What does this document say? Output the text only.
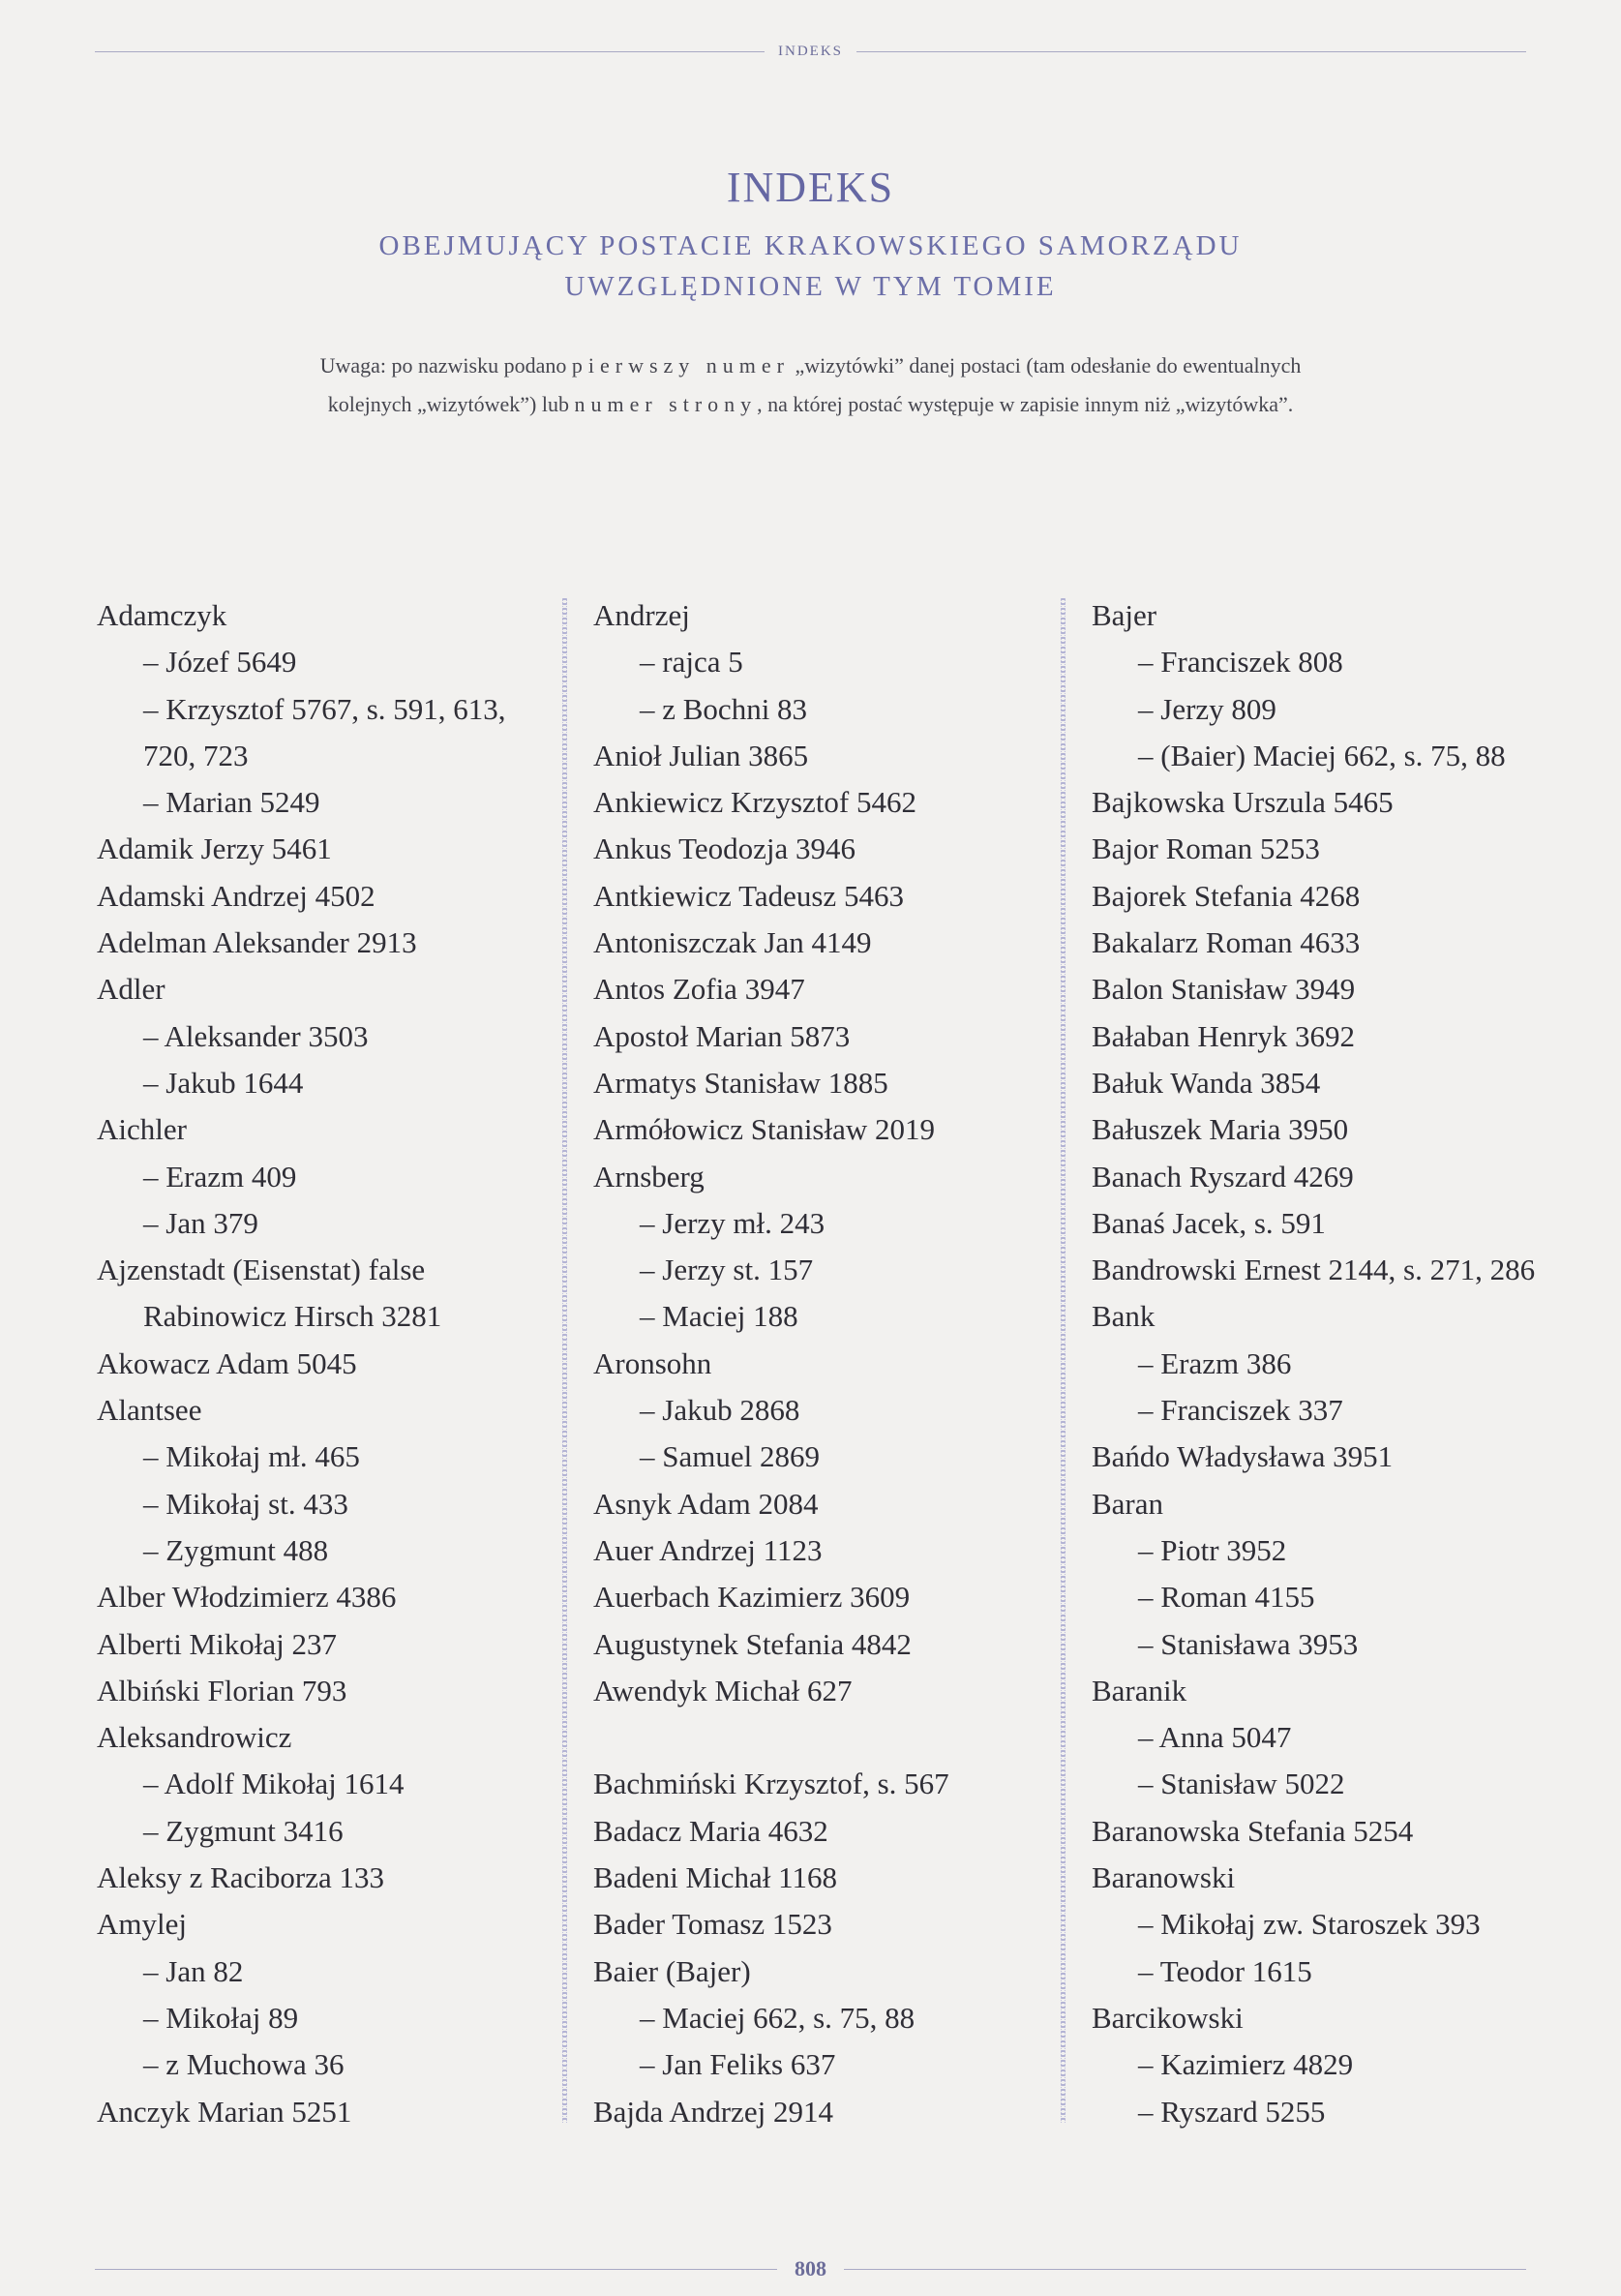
INDEKS
INDEKS
OBEJMUJĄCY POSTACIE KRAKOWSKIEGO SAMORZĄDU
UWZGLĘDNIONE W TYM TOMIE
Uwaga: po nazwisku podano pierwszy numer „wizytówki” danej postaci (tam odesłanie do ewentualnych
kolejnych „wizytówek”) lub numer strony, na której postać występuje w zapisie innym niż „wizytówka”.
Adamczyk
– Józef 5649
– Krzysztof 5767, s. 591, 613,
720, 723
– Marian 5249
Adamik Jerzy 5461
Adamski Andrzej 4502
Adelman Aleksander 2913
Adler
– Aleksander 3503
– Jakub 1644
Aichler
– Erazm 409
– Jan 379
Ajzenstadt (Eisenstat) false
Rabinowicz Hirsch 3281
Akowacz Adam 5045
Alantsee
– Mikołaj mł. 465
– Mikołaj st. 433
– Zygmunt 488
Alber Włodzimierz 4386
Alberti Mikołaj 237
Albiński Florian 793
Aleksandrowicz
– Adolf Mikołaj 1614
– Zygmunt 3416
Aleksy z Raciborza 133
Amylej
– Jan 82
– Mikołaj 89
– z Muchowa 36
Anczyk Marian 5251
Andrzej
– rajca 5
– z Bochni 83
Anioł Julian 3865
Ankiewicz Krzysztof 5462
Ankus Teodozja 3946
Antkiewicz Tadeusz 5463
Antoniszczak Jan 4149
Antos Zofia 3947
Apostoł Marian 5873
Armatys Stanisław 1885
Armółowicz Stanisław 2019
Arnsberg
– Jerzy mł. 243
– Jerzy st. 157
– Maciej 188
Aronsohn
– Jakub 2868
– Samuel 2869
Asnyk Adam 2084
Auer Andrzej 1123
Auerbach Kazimierz 3609
Augustynek Stefania 4842
Awendyk Michał 627
Bachmiński Krzysztof, s. 567
Badacz Maria 4632
Badeni Michał 1168
Bader Tomasz 1523
Baier (Bajer)
– Maciej 662, s. 75, 88
– Jan Feliks 637
Bajda Andrzej 2914
Bajer
– Franciszek 808
– Jerzy 809
– (Baier) Maciej 662, s. 75, 88
Bajkowska Urszula 5465
Bajor Roman 5253
Bajorek Stefania 4268
Bakalarz Roman 4633
Balon Stanisław 3949
Bałaban Henryk 3692
Bałuk Wanda 3854
Bałuszek Maria 3950
Banach Ryszard 4269
Banaś Jacek, s. 591
Bandrowski Ernest 2144, s. 271, 286
Bank
– Erazm 386
– Franciszek 337
Bańdo Władysława 3951
Baran
– Piotr 3952
– Roman 4155
– Stanisława 3953
Baranik
– Anna 5047
– Stanisław 5022
Baranowska Stefania 5254
Baranowski
– Mikołaj zw. Staroszek 393
– Teodor 1615
Barcikowski
– Kazimierz 4829
– Ryszard 5255
808
